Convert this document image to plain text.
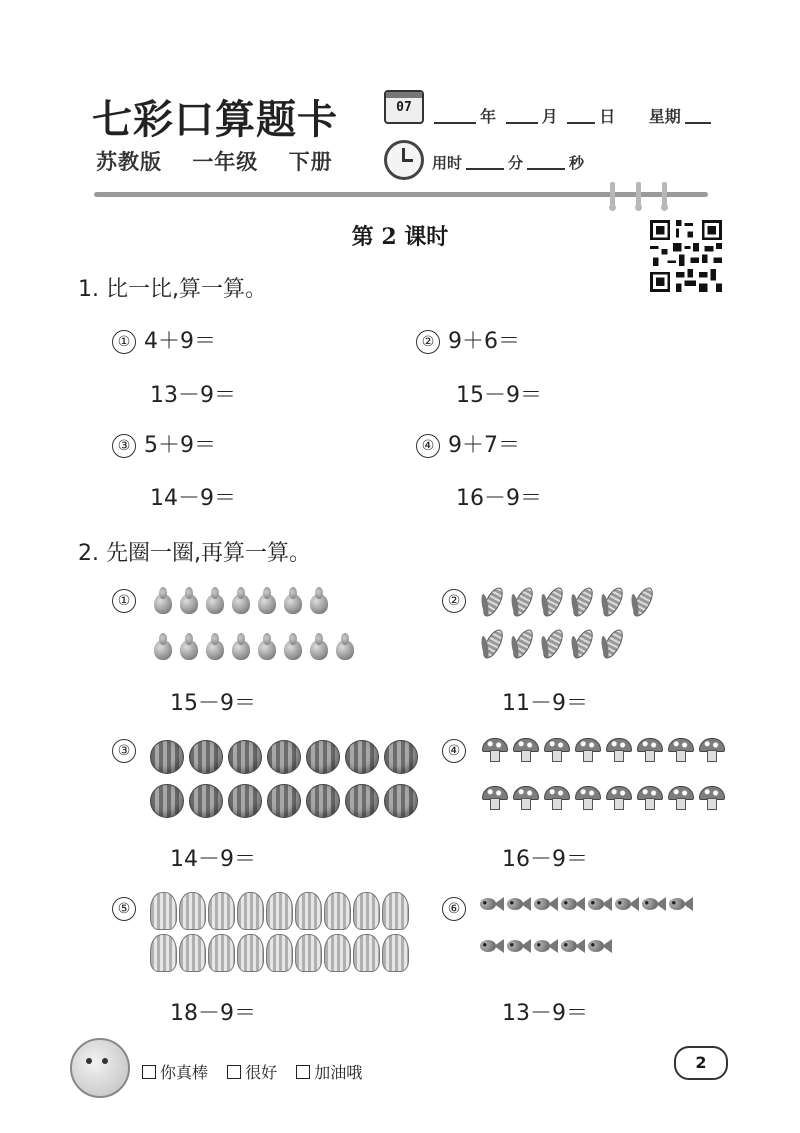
七彩口算题卡
苏教版 一年级 下册
07	年	月	日 星期
用时	分	秒
第 2 课时
1. 比一比,算一算。
① 4＋9＝
13－9＝
② 9＋6＝
15－9＝
③ 5＋9＝
14－9＝
④ 9＋7＝
16－9＝
2. 先圈一圈,再算一算。
①
15－9＝
②
11－9＝
③
14－9＝
④
16－9＝
⑤
18－9＝
⑥
13－9＝
你真棒 很好 加油哦
2
